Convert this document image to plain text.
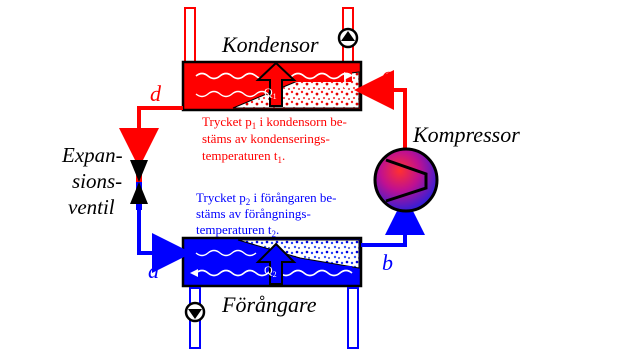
$Q_1$
$Q_2$
Kondensor
Förångare
Kompressor
Expan-
sions-
ventil
d
c
a	b
Trycket $p_1$ i kondensorn be-
stäms av kondenserings-
temperaturen $t_1$.
Trycket $p_2$ i förångaren be-
stäms av förångnings-
temperaturen $t_2$.
